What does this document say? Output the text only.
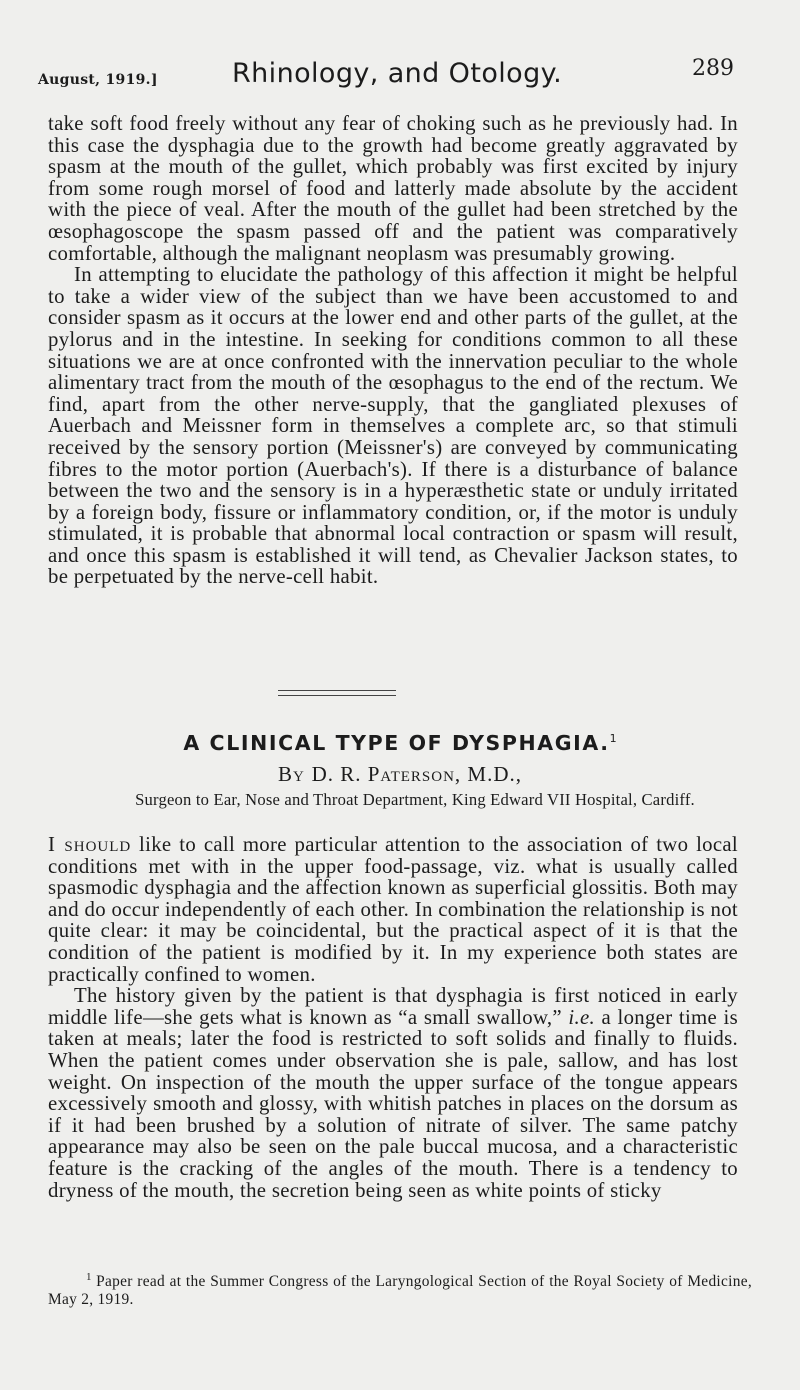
August, 1919.]	Rhinology, and Otology.	289

take soft food freely without any fear of choking such as he previously had. In this case the dysphagia due to the growth had become greatly aggravated by spasm at the mouth of the gullet, which probably was first excited by injury from some rough morsel of food and latterly made absolute by the accident with the piece of veal. After the mouth of the gullet had been stretched by the œsophagoscope the spasm passed off and the patient was comparatively comfortable, although the malignant neoplasm was presumably growing.

In attempting to elucidate the pathology of this affection it might be helpful to take a wider view of the subject than we have been accustomed to and consider spasm as it occurs at the lower end and other parts of the gullet, at the pylorus and in the intestine. In seeking for conditions common to all these situations we are at once confronted with the innervation peculiar to the whole alimentary tract from the mouth of the œsophagus to the end of the rectum. We find, apart from the other nerve-supply, that the gangliated plexuses of Auerbach and Meissner form in themselves a complete arc, so that stimuli received by the sensory portion (Meissner's) are conveyed by communicating fibres to the motor portion (Auerbach's). If there is a disturbance of balance between the two and the sensory is in a hyperæsthetic state or unduly irritated by a foreign body, fissure or inflammatory condition, or, if the motor is unduly stimulated, it is probable that abnormal local contraction or spasm will result, and once this spasm is established it will tend, as Chevalier Jackson states, to be perpetuated by the nerve-cell habit.

A CLINICAL TYPE OF DYSPHAGIA.$^1$
By D. R. Paterson, M.D.,
Surgeon to Ear, Nose and Throat Department, King Edward VII Hospital, Cardiff.

I should like to call more particular attention to the association of two local conditions met with in the upper food-passage, viz. what is usually called spasmodic dysphagia and the affection known as superficial glossitis. Both may and do occur independently of each other. In combination the relationship is not quite clear: it may be coincidental, but the practical aspect of it is that the condition of the patient is modified by it. In my experience both states are practically confined to women.

The history given by the patient is that dysphagia is first noticed in early middle life—she gets what is known as “a small swallow,” i.e. a longer time is taken at meals; later the food is restricted to soft solids and finally to fluids. When the patient comes under observation she is pale, sallow, and has lost weight. On inspection of the mouth the upper surface of the tongue appears excessively smooth and glossy, with whitish patches in places on the dorsum as if it had been brushed by a solution of nitrate of silver. The same patchy appearance may also be seen on the pale buccal mucosa, and a characteristic feature is the cracking of the angles of the mouth. There is a tendency to dryness of the mouth, the secretion being seen as white points of sticky

$^1$ Paper read at the Summer Congress of the Laryngological Section of the Royal Society of Medicine, May 2, 1919.
